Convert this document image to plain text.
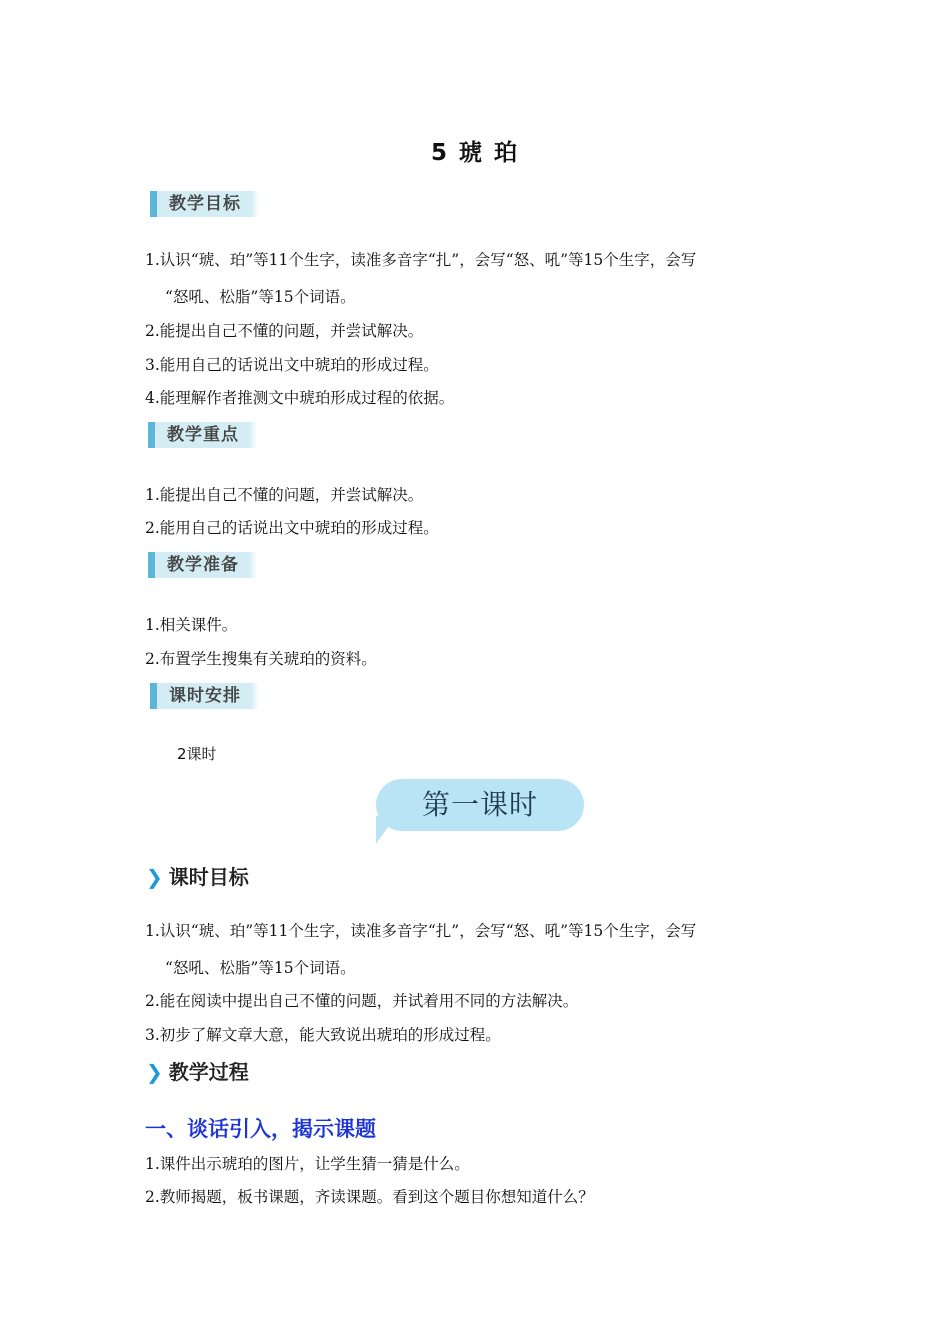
5 琥 珀
教学目标
1.认识“琥、珀”等11个生字，读准多音字“扎”，会写“怒、吼”等15个生字，会写
“怒吼、松脂”等15个词语。
2.能提出自己不懂的问题，并尝试解决。
3.能用自己的话说出文中琥珀的形成过程。
4.能理解作者推测文中琥珀形成过程的依据。
教学重点
1.能提出自己不懂的问题，并尝试解决。
2.能用自己的话说出文中琥珀的形成过程。
教学准备
1.相关课件。
2.布置学生搜集有关琥珀的资料。
课时安排
2课时
第一课时
❯ 课时目标
1.认识“琥、珀”等11个生字，读准多音字“扎”，会写“怒、吼”等15个生字，会写
“怒吼、松脂”等15个词语。
2.能在阅读中提出自己不懂的问题，并试着用不同的方法解决。
3.初步了解文章大意，能大致说出琥珀的形成过程。
❯ 教学过程
一、谈话引入，揭示课题
1.课件出示琥珀的图片，让学生猜一猜是什么。
2.教师揭题，板书课题，齐读课题。看到这个题目你想知道什么？
